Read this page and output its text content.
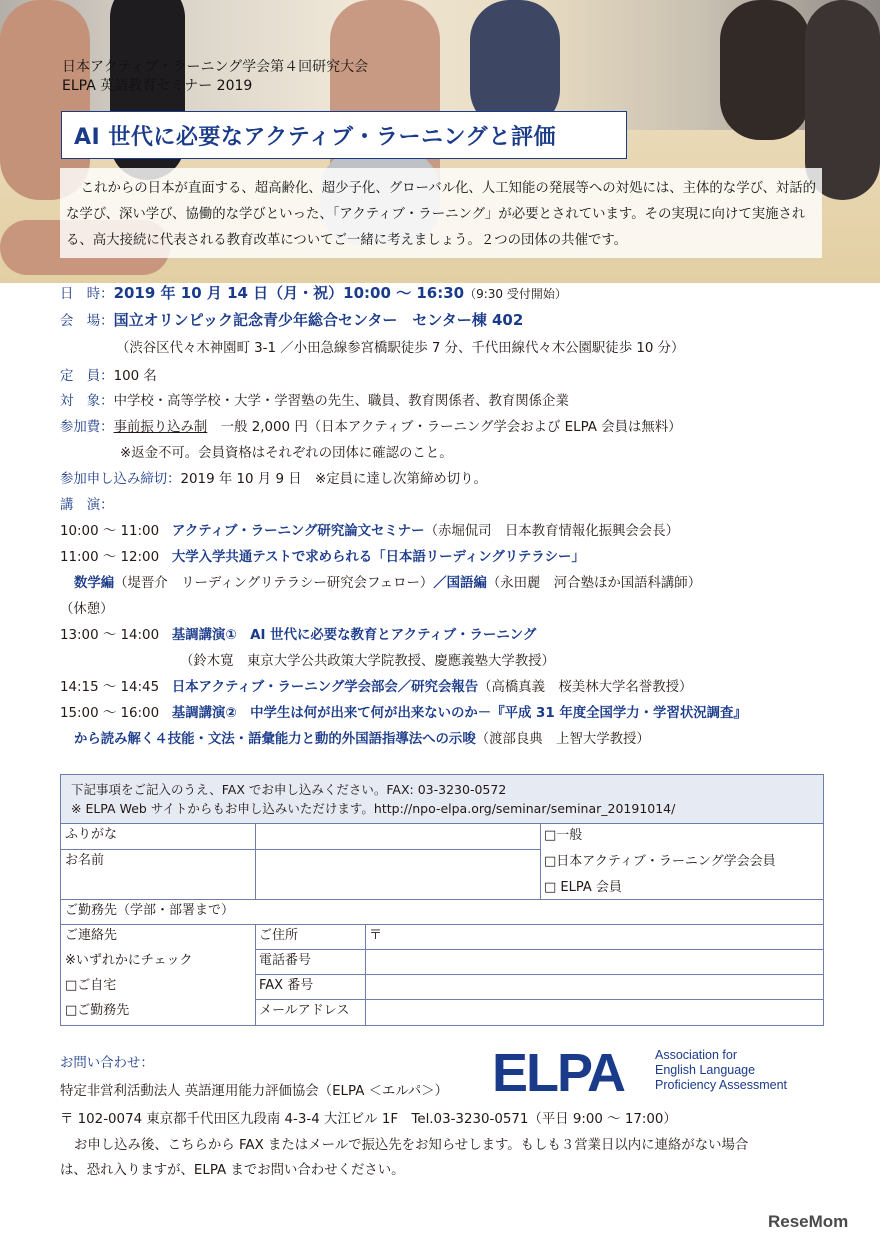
日本アクティブ・ラーニング学会第４回研究大会
ELPA 英語教育セミナー 2019
AI 世代に必要なアクティブ・ラーニングと評価
これからの日本が直面する、超高齢化、超少子化、グローバル化、人工知能の発展等への対処には、主体的な学び、対話的な学び、深い学び、協働的な学びといった、「アクティブ・ラーニング」が必要とされています。その実現に向けて実施される、高大接続に代表される教育改革についてご一緒に考えましょう。２つの団体の共催です。
日　時：2019 年 10 月 14 日（月・祝）10:00 〜 16:30（9:30 受付開始）
会　場：国立オリンピック記念青少年総合センター　センター棟 402
（渋谷区代々木神園町 3-1 ／小田急線参宮橋駅徒歩 7 分、千代田線代々木公園駅徒歩 10 分）
定　員：100 名
対　象：中学校・高等学校・大学・学習塾の先生、職員、教育関係者、教育関係企業
参加費：事前振り込み制　一般 2,000 円（日本アクティブ・ラーニング学会および ELPA 会員は無料）
※返金不可。会員資格はそれぞれの団体に確認のこと。
参加申し込み締切：2019 年 10 月 9 日　※定員に達し次第締め切り。
講　演：
10:00 〜 11:00 アクティブ・ラーニング研究論文セミナー（赤堀侃司　日本教育情報化振興会会長）
11:00 〜 12:00 大学入学共通テストで求められる「日本語リーディングリテラシー」
数学編（堤晋介　リーディングリテラシー研究会フェロー）／国語編（永田麗　河合塾ほか国語科講師）
（休憩）
13:00 〜 14:00 基調講演①　AI 世代に必要な教育とアクティブ・ラーニング
（鈴木寛　東京大学公共政策大学院教授、慶應義塾大学教授）
14:15 〜 14:45 日本アクティブ・ラーニング学会部会／研究会報告（高橋真義　桜美林大学名誉教授）
15:00 〜 16:00 基調講演②　中学生は何が出来て何が出来ないのか－『平成 31 年度全国学力・学習状況調査』
から読み解く４技能・文法・語彙能力と動的外国語指導法への示唆（渡部良典　上智大学教授）
下記事項をご記入のうえ、FAX でお申し込みください。FAX: 03-3230-0572
※ ELPA Web サイトからもお申し込みいただけます。http://npo-elpa.org/seminar/seminar_20191014/
ふりがな
お名前
□一般
□日本アクティブ・ラーニング学会会員
□ ELPA 会員
ご勤務先（学部・部署まで）
ご連絡先
※いずれかにチェック
□ご自宅
□ご勤務先
ご住所	〒
電話番号
FAX 番号
メールアドレス
お問い合わせ：
特定非営利活動法人 英語運用能力評価協会（ELPA ＜エルパ＞）
〒 102-0074 東京都千代田区九段南 4-3-4 大江ビル 1F　Tel.03-3230-0571（平日 9:00 〜 17:00）
お申し込み後、こちらから FAX またはメールで振込先をお知らせします。もしも３営業日以内に連絡がない場合
は、恐れ入りますが、ELPA までお問い合わせください。
ELPA Association for
English Language
Proficiency Assessment
ReseMom
